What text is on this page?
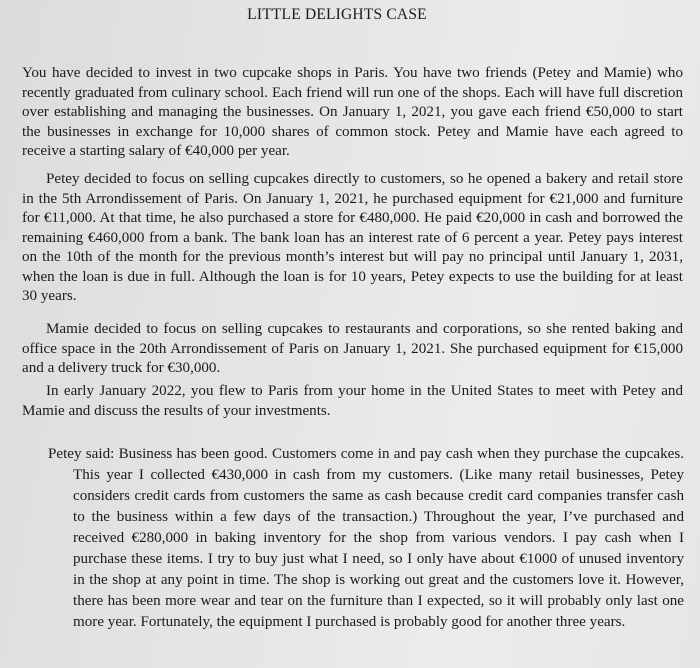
LITTLE DELIGHTS CASE

You have decided to invest in two cupcake shops in Paris. You have two friends (Petey and Mamie) who recently graduated from culinary school. Each friend will run one of the shops. Each will have full discretion over establishing and managing the businesses. On January 1, 2021, you gave each friend €50,000 to start the businesses in exchange for 10,000 shares of common stock. Petey and Mamie have each agreed to receive a starting salary of €40,000 per year.

Petey decided to focus on selling cupcakes directly to customers, so he opened a bakery and retail store in the 5th Arrondissement of Paris. On January 1, 2021, he purchased equipment for €21,000 and furniture for €11,000. At that time, he also purchased a store for €480,000. He paid €20,000 in cash and borrowed the remaining €460,000 from a bank. The bank loan has an interest rate of 6 percent a year. Petey pays interest on the 10th of the month for the previous month’s interest but will pay no principal until January 1, 2031, when the loan is due in full. Although the loan is for 10 years, Petey expects to use the building for at least 30 years.

Mamie decided to focus on selling cupcakes to restaurants and corporations, so she rented baking and office space in the 20th Arrondissement of Paris on January 1, 2021. She purchased equipment for €15,000 and a delivery truck for €30,000.

In early January 2022, you flew to Paris from your home in the United States to meet with Petey and Mamie and discuss the results of your investments.

Petey said: Business has been good. Customers come in and pay cash when they purchase the cupcakes. This year I collected €430,000 in cash from my customers. (Like many retail businesses, Petey considers credit cards from customers the same as cash because credit card companies transfer cash to the business within a few days of the transaction.) Throughout the year, I’ve purchased and received €280,000 in baking inventory for the shop from various vendors. I pay cash when I purchase these items. I try to buy just what I need, so I only have about €1000 of unused inventory in the shop at any point in time. The shop is working out great and the customers love it. However, there has been more wear and tear on the furniture than I expected, so it will probably only last one more year. Fortunately, the equipment I purchased is probably good for another three years.
